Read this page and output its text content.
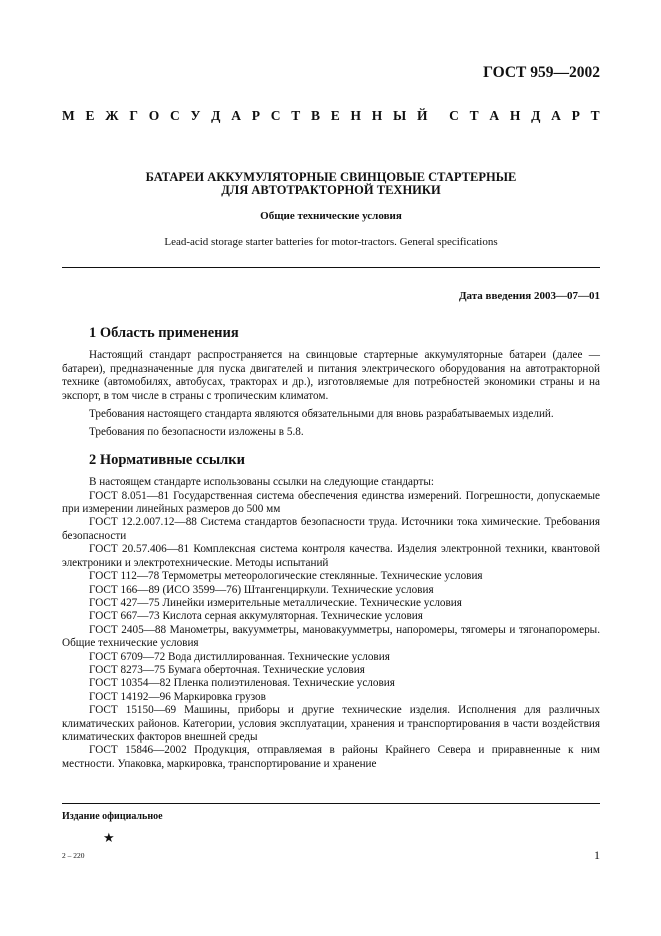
ГОСТ 959—2002
М Е Ж Г О С У Д А Р С Т В Е Н Н Ы Й С Т А Н Д А Р Т
БАТАРЕИ АККУМУЛЯТОРНЫЕ СВИНЦОВЫЕ СТАРТЕРНЫЕ
ДЛЯ АВТОТРАКТОРНОЙ ТЕХНИКИ
Общие технические условия
Lead-acid storage starter batteries for motor-tractors. General specifications
Дата введения 2003—07—01
1 Область применения

Настоящий стандарт распространяется на свинцовые стартерные аккумуляторные батареи (далее — батареи), предназначенные для пуска двигателей и питания электрического оборудования на автотракторной технике (автомобилях, автобусах, тракторах и др.), изготовляемые для потребностей экономики страны и на экспорт, в том числе в страны с тропическим климатом.

Требования настоящего стандарта являются обязательными для вновь разрабатываемых изделий.

Требования по безопасности изложены в 5.8.

2 Нормативные ссылки

В настоящем стандарте использованы ссылки на следующие стандарты:

ГОСТ 8.051—81 Государственная система обеспечения единства измерений. Погрешности, допускаемые при измерении линейных размеров до 500 мм

ГОСТ 12.2.007.12—88 Система стандартов безопасности труда. Источники тока химические. Требования безопасности

ГОСТ 20.57.406—81 Комплексная система контроля качества. Изделия электронной техники, квантовой электроники и электротехнические. Методы испытаний

ГОСТ 112—78 Термометры метеорологические стеклянные. Технические условия

ГОСТ 166—89 (ИСО 3599—76) Штангенциркули. Технические условия

ГОСТ 427—75 Линейки измерительные металлические. Технические условия

ГОСТ 667—73 Кислота серная аккумуляторная. Технические условия

ГОСТ 2405—88 Манометры, вакуумметры, мановакуумметры, напоромеры, тягомеры и тягонапоромеры. Общие технические условия

ГОСТ 6709—72 Вода дистиллированная. Технические условия

ГОСТ 8273—75 Бумага оберточная. Технические условия

ГОСТ 10354—82 Пленка полиэтиленовая. Технические условия

ГОСТ 14192—96 Маркировка грузов

ГОСТ 15150—69 Машины, приборы и другие технические изделия. Исполнения для различных климатических районов. Категории, условия эксплуатации, хранения и транспортирования в части воздействия климатических факторов внешней среды

ГОСТ 15846—2002 Продукция, отправляемая в районы Крайнего Севера и приравненные к ним местности. Упаковка, маркировка, транспортирование и хранение

Издание официальное
★
2 – 220	1
